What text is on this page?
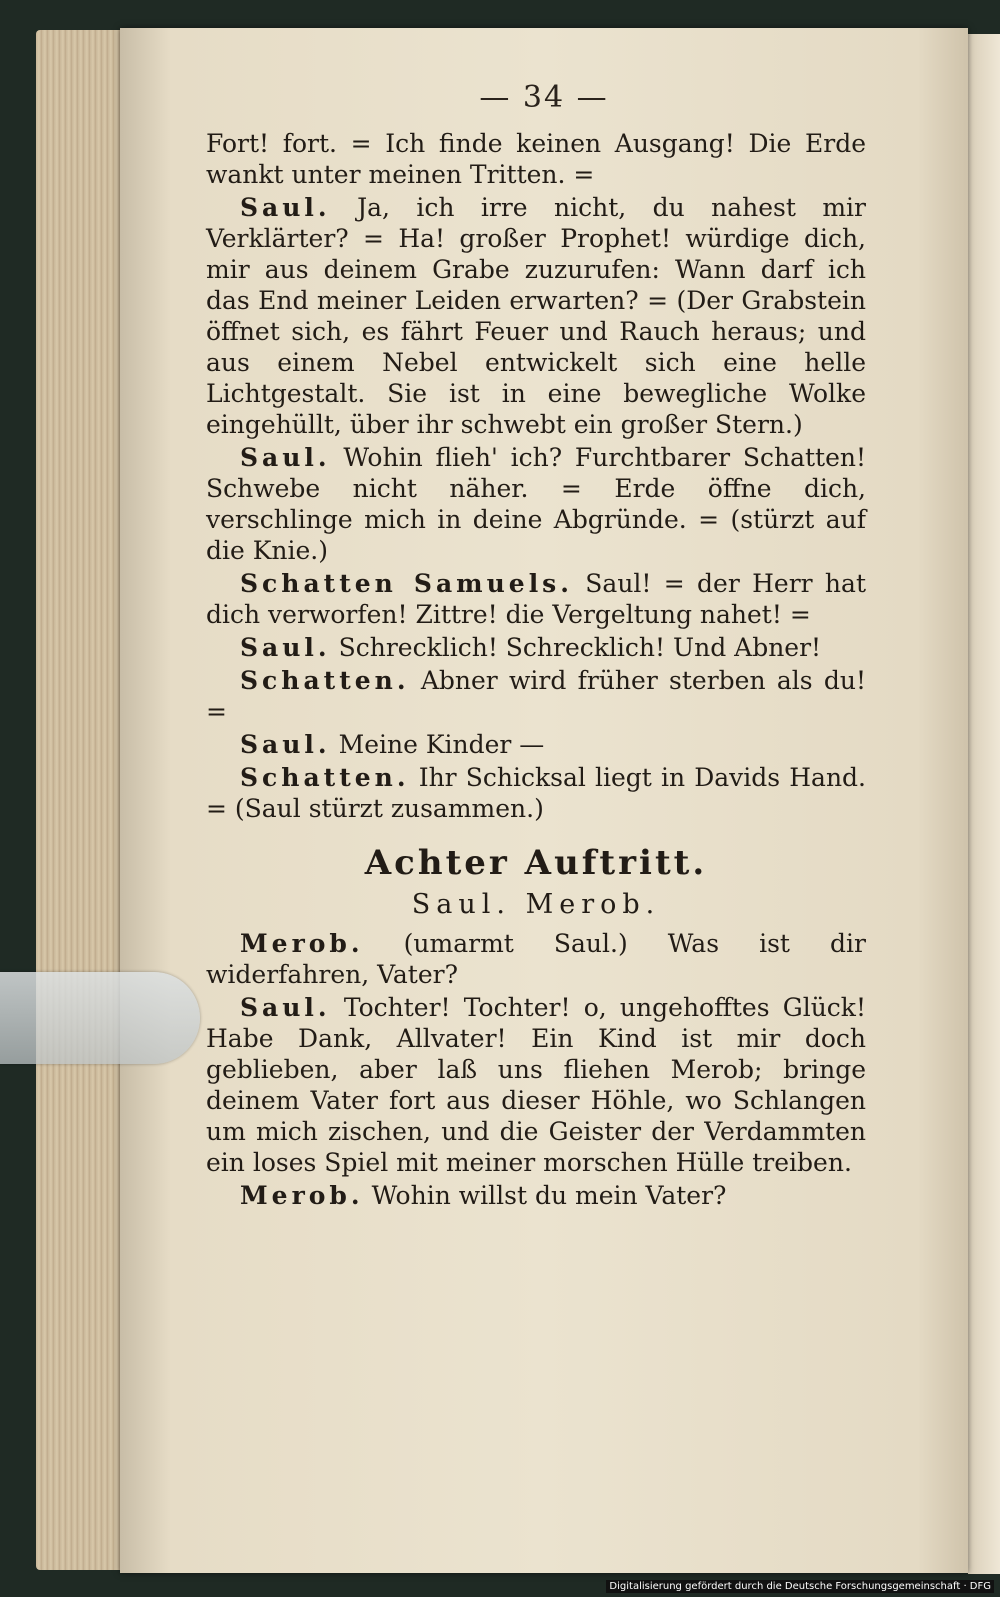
— 34 —

Fort! fort. = Ich finde keinen Ausgang! Die Erde wankt unter meinen Tritten. =

Saul. Ja, ich irre nicht, du nahest mir Verklärter? = Ha! großer Prophet! würdige dich, mir aus deinem Grabe zuzurufen: Wann darf ich das End meiner Leiden erwarten? = (Der Grabstein öffnet sich, es fährt Feuer und Rauch heraus; und aus einem Nebel entwickelt sich eine helle Lichtgestalt. Sie ist in eine bewegliche Wolke eingehüllt, über ihr schwebt ein großer Stern.)

Saul. Wohin flieh' ich? Furchtbarer Schatten! Schwebe nicht näher. = Erde öffne dich, verschlinge mich in deine Abgründe. = (stürzt auf die Knie.)

Schatten Samuels. Saul! = der Herr hat dich verworfen! Zittre! die Vergeltung nahet! =

Saul. Schrecklich! Schrecklich! Und Abner!

Schatten. Abner wird früher sterben als du! =

Saul. Meine Kinder —

Schatten. Ihr Schicksal liegt in Davids Hand. = (Saul stürzt zusammen.)

Achter Auftritt.
Saul. Merob.

Merob. (umarmt Saul.) Was ist dir widerfahren, Vater?

Saul. Tochter! Tochter! o, ungehofftes Glück! Habe Dank, Allvater! Ein Kind ist mir doch geblieben, aber laß uns fliehen Merob; bringe deinem Vater fort aus dieser Höhle, wo Schlangen um mich zischen, und die Geister der Verdammten ein loses Spiel mit meiner morschen Hülle treiben.

Merob. Wohin willst du mein Vater?

Digitalisierung gefördert durch die Deutsche Forschungsgemeinschaft · DFG
